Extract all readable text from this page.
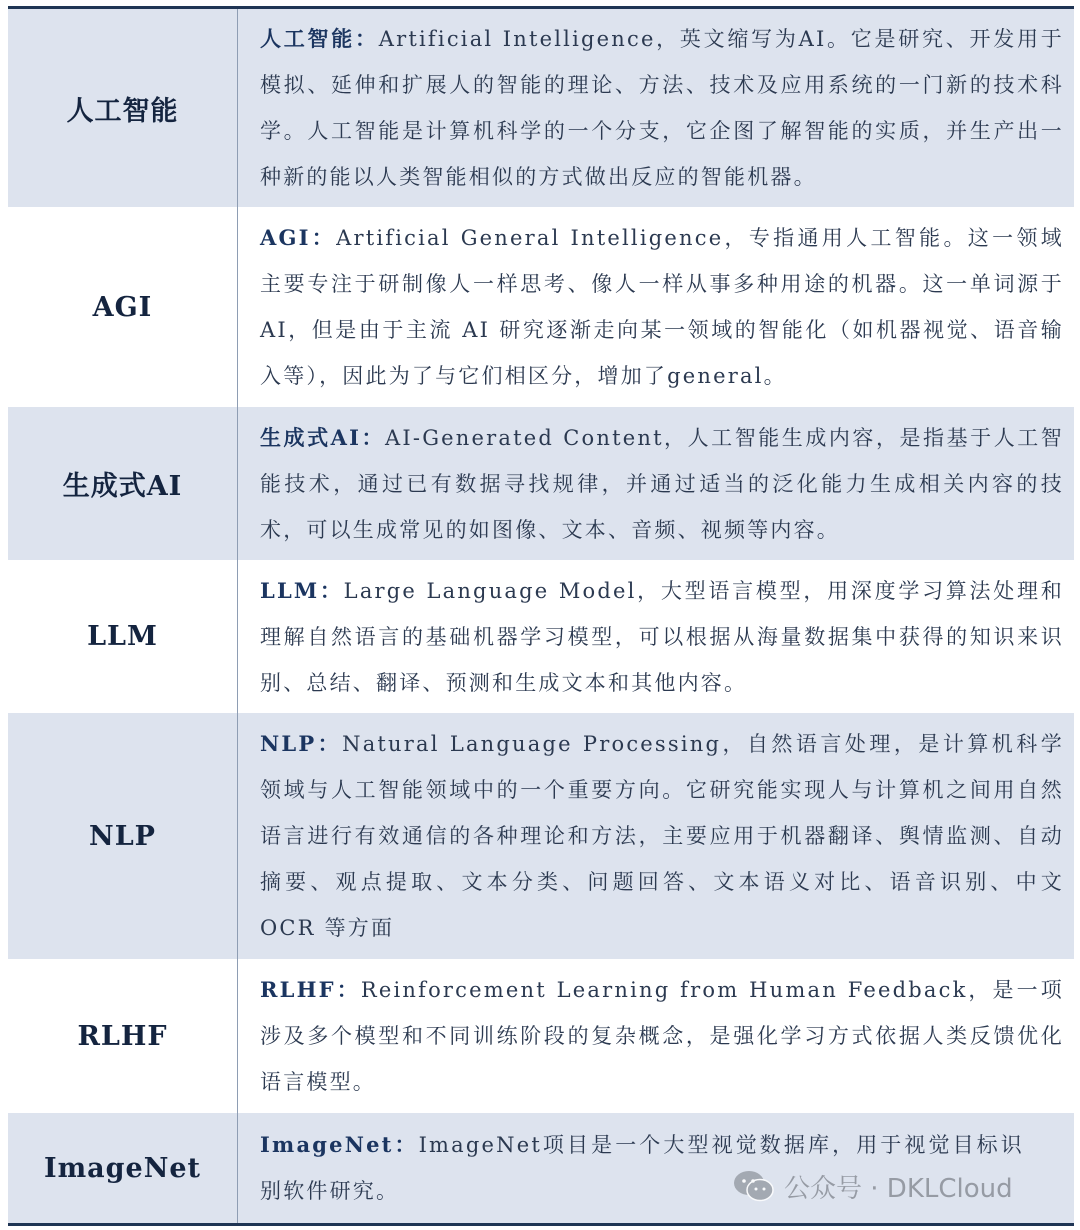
人工智能

人工智能：Artificial Intelligence，英文缩写为AI。它是研究、开发用于模拟、延伸和扩展人的智能的理论、方法、技术及应用系统的一门新的技术科学。人工智能是计算机科学的一个分支，它企图了解智能的实质，并生产出一种新的能以人类智能相似的方式做出反应的智能机器。

AGI

AGI：Artificial General Intelligence，专指通用人工智能。这一领域主要专注于研制像人一样思考、像人一样从事多种用途的机器。这一单词源于 AI，但是由于主流 AI 研究逐渐走向某一领域的智能化（如机器视觉、语音输入等），因此为了与它们相区分，增加了general。

生成式AI

生成式AI：AI-Generated Content，人工智能生成内容，是指基于人工智能技术，通过已有数据寻找规律，并通过适当的泛化能力生成相关内容的技术，可以生成常见的如图像、文本、音频、视频等内容。

LLM

LLM：Large Language Model，大型语言模型，用深度学习算法处理和理解自然语言的基础机器学习模型，可以根据从海量数据集中获得的知识来识别、总结、翻译、预测和生成文本和其他内容。

NLP

NLP：Natural Language Processing，自然语言处理，是计算机科学领域与人工智能领域中的一个重要方向。它研究能实现人与计算机之间用自然语言进行有效通信的各种理论和方法，主要应用于机器翻译、舆情监测、自动摘要、观点提取、文本分类、问题回答、文本语义对比、语音识别、中文 OCR 等方面

RLHF

RLHF：Reinforcement Learning from Human Feedback，是一项涉及多个模型和不同训练阶段的复杂概念，是强化学习方式依据人类反馈优化语言模型。

ImageNet

ImageNet：ImageNet项目是一个大型视觉数据库，用于视觉目标识别软件研究。	公众号 · DKLCloud
